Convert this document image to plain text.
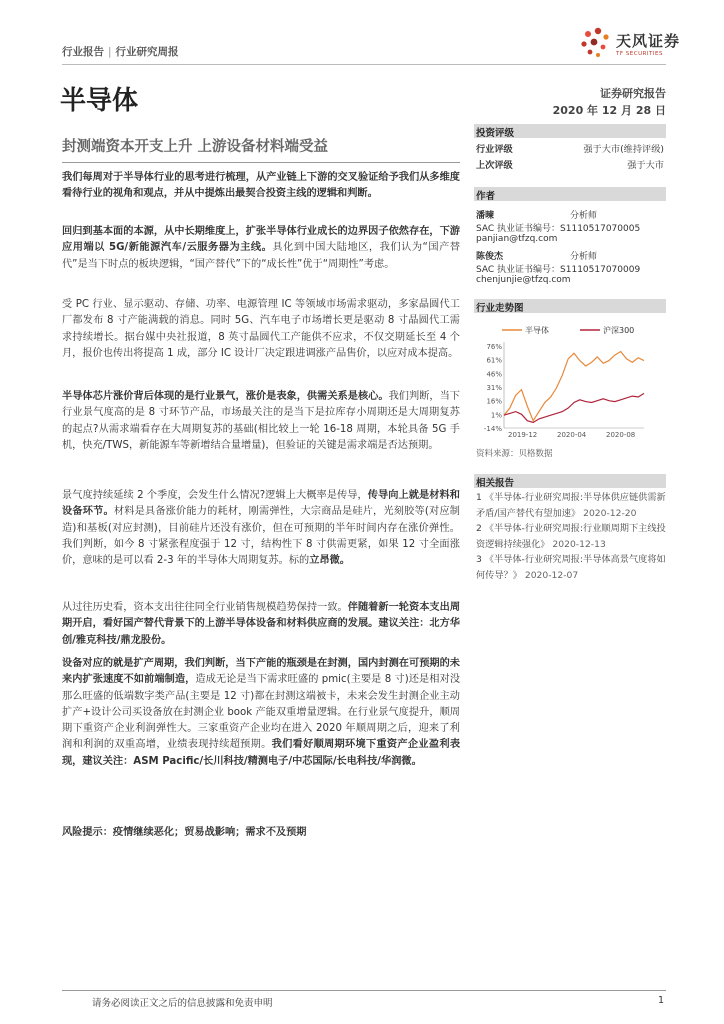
行业报告 | 行业研究周报
天风证券
TF SECURITIES
半导体	证券研究报告
2020 年 12 月 28 日
封测端资本开支上升 上游设备材料端受益
投资评级
行业评级	强于大市(维持评级)
上次评级	强于大市
作者
潘暕	分析师
SAC 执业证书编号：S1110517070005
panjian@tfzq.com
陈俊杰	分析师
SAC 执业证书编号：S1110517070009
chenjunjie@tfzq.com
行业走势图
半导体	沪深300
-14%
1%
16%
31%
46%
61%
76%
2019-12	2020-04	2020-08
资料来源：贝格数据
相关报告
1 《半导体-行业研究周报:半导体供应链供需新矛盾/国产替代有望加速》 2020-12-20
2 《半导体-行业研究周报:行业顺周期下主线投资逻辑持续强化》 2020-12-13
3 《半导体-行业研究周报:半导体高景气度将如何传导？》 2020-12-07
我们每周对于半导体行业的思考进行梳理，从产业链上下游的交叉验证给予我们从多维度看待行业的视角和观点，并从中提炼出最契合投资主线的逻辑和判断。
回归到基本面的本源，从中长期维度上，扩张半导体行业成长的边界因子依然存在，下游应用端以 5G/新能源汽车/云服务器为主线。具化到中国大陆地区，我们认为“国产替代”是当下时点的板块逻辑，“国产替代”下的“成长性”优于“周期性”考虑。
受 PC 行业、显示驱动、存储、功率、电源管理 IC 等领域市场需求驱动，多家晶圆代工厂都发布 8 寸产能满载的消息。同时 5G、汽车电子市场增长更是驱动 8 寸晶圆代工需求持续增长。据台媒中央社报道，8 英寸晶圆代工产能供不应求，不仅交期延长至 4 个月，报价也传出将提高 1 成，部分 IC 设计厂决定跟进调涨产品售价，以应对成本提高。
半导体芯片涨价背后体现的是行业景气，涨价是表象，供需关系是核心。我们判断，当下行业景气度高的是 8 寸环节产品，市场最关注的是当下是拉库存小周期还是大周期复苏的起点?从需求端看存在大周期复苏的基础(相比较上一轮 16-18 周期，本轮具备 5G 手机，快充/TWS，新能源车等新增结合量增量)，但验证的关键是需求端是否达预期。
景气度持续延续 2 个季度，会发生什么情况?逻辑上大概率是传导，传导向上就是材料和设备环节。材料是具备涨价能力的耗材，刚需弹性，大宗商品是硅片，光刻胶等(对应制造)和基板(对应封测)，目前硅片还没有涨价，但在可预期的半年时间内存在涨价弹性。我们判断，如今 8 寸紧张程度强于 12 寸，结构性下 8 寸供需更紧，如果 12 寸全面涨价，意味的是可以看 2-3 年的半导体大周期复苏。标的立昂微。
从过往历史看，资本支出往往同全行业销售规模趋势保持一致。伴随着新一轮资本支出周期开启，看好国产替代背景下的上游半导体设备和材料供应商的发展。建议关注：北方华创/雅克科技/鼎龙股份。
设备对应的就是扩产周期，我们判断，当下产能的瓶颈是在封测，国内封测在可预期的未来内扩张速度不如前端制造，造成无论是当下需求旺盛的 pmic(主要是 8 寸)还是相对没那么旺盛的低端数字类产品(主要是 12 寸)都在封测这端被卡，未来会发生封测企业主动扩产+设计公司买设备放在封测企业 book 产能双重增量逻辑。在行业景气度提升，顺周期下重资产企业利润弹性大。三家重资产企业均在进入 2020 年顺周期之后，迎来了利润和利润的双重高增，业绩表现持续超预期。我们看好顺周期环境下重资产企业盈利表现，建议关注：ASM Pacific/长川科技/精测电子/中芯国际/长电科技/华润微。
风险提示：疫情继续恶化；贸易战影响；需求不及预期
请务必阅读正文之后的信息披露和免责申明	1
